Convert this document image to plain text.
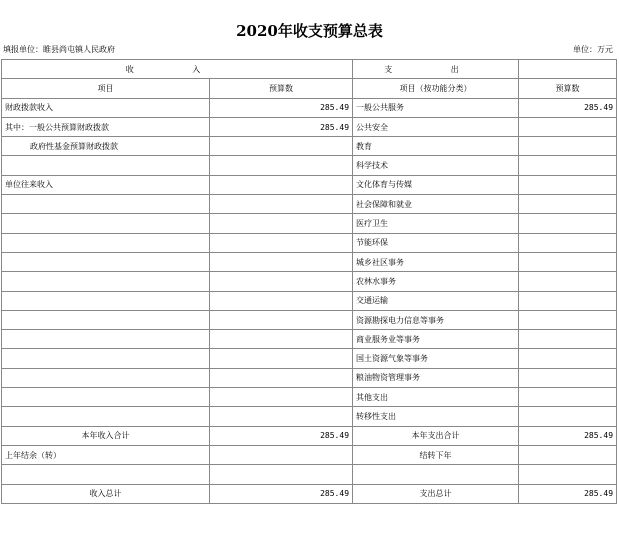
2020年收支预算总表
填报单位：睢县尚屯镇人民政府	单位：万元
收 入		支 出	
项目	预算数	项目（按功能分类）	预算数
财政拨款收入	285.49	一般公共服务	285.49
其中：一般公共预算财政拨款	285.49	公共安全	
政府性基金预算财政拨款		教育	
		科学技术	
单位往来收入		文化体育与传媒	
		社会保障和就业	
		医疗卫生	
		节能环保	
		城乡社区事务	
		农林水事务	
		交通运输	
		资源勘探电力信息等事务	
		商业服务业等事务	
		国土资源气象等事务	
		粮油物资管理事务	
		其他支出	
		转移性支出	
本年收入合计	285.49	本年支出合计	285.49
上年结余（转）		结转下年	

收入总计	285.49	支出总计	285.49
